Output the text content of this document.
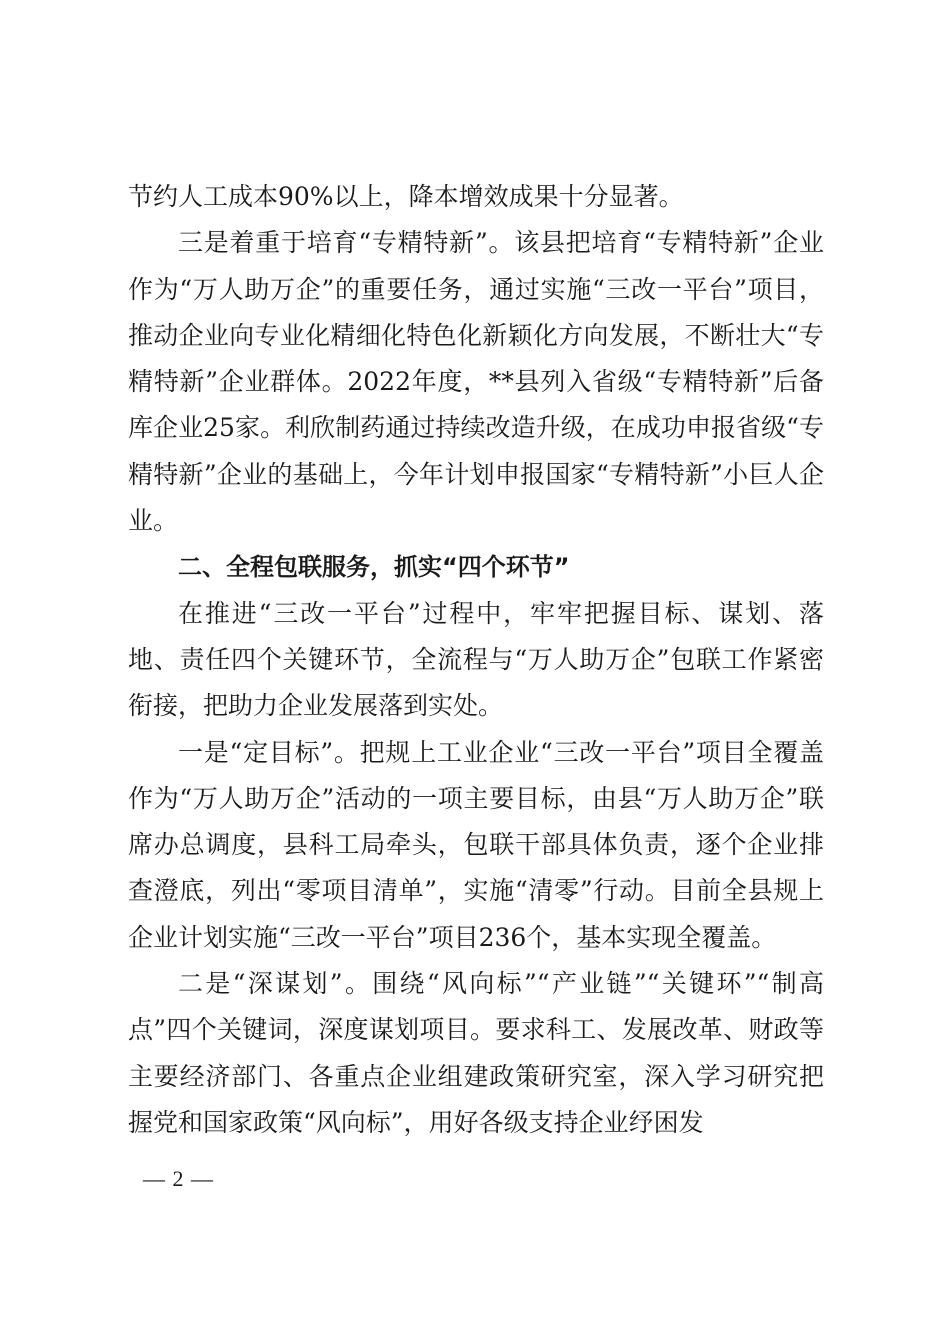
节约人工成本90%以上，降本增效成果十分显著。

三是着重于培育“专精特新”。该县把培育“专精特新”企业作为“万人助万企”的重要任务，通过实施“三改一平台”项目，推动企业向专业化精细化特色化新颖化方向发展，不断壮大“专精特新”企业群体。2022年度，**县列入省级“专精特新”后备库企业25家。利欣制药通过持续改造升级，在成功申报省级“专精特新”企业的基础上，今年计划申报国家“专精特新”小巨人企业。

二、全程包联服务，抓实“四个环节”

在推进“三改一平台”过程中，牢牢把握目标、谋划、落地、责任四个关键环节，全流程与“万人助万企”包联工作紧密衔接，把助力企业发展落到实处。

一是“定目标”。把规上工业企业“三改一平台”项目全覆盖作为“万人助万企”活动的一项主要目标，由县“万人助万企”联席办总调度，县科工局牵头，包联干部具体负责，逐个企业排查澄底，列出“零项目清单”，实施“清零”行动。目前全县规上企业计划实施“三改一平台”项目236个，基本实现全覆盖。

二是“深谋划”。围绕“风向标”“产业链”“关键环”“制高点”四个关键词，深度谋划项目。要求科工、发展改革、财政等主要经济部门、各重点企业组建政策研究室，深入学习研究把握党和国家政策“风向标”，用好各级支持企业纾困发

— 2 —
